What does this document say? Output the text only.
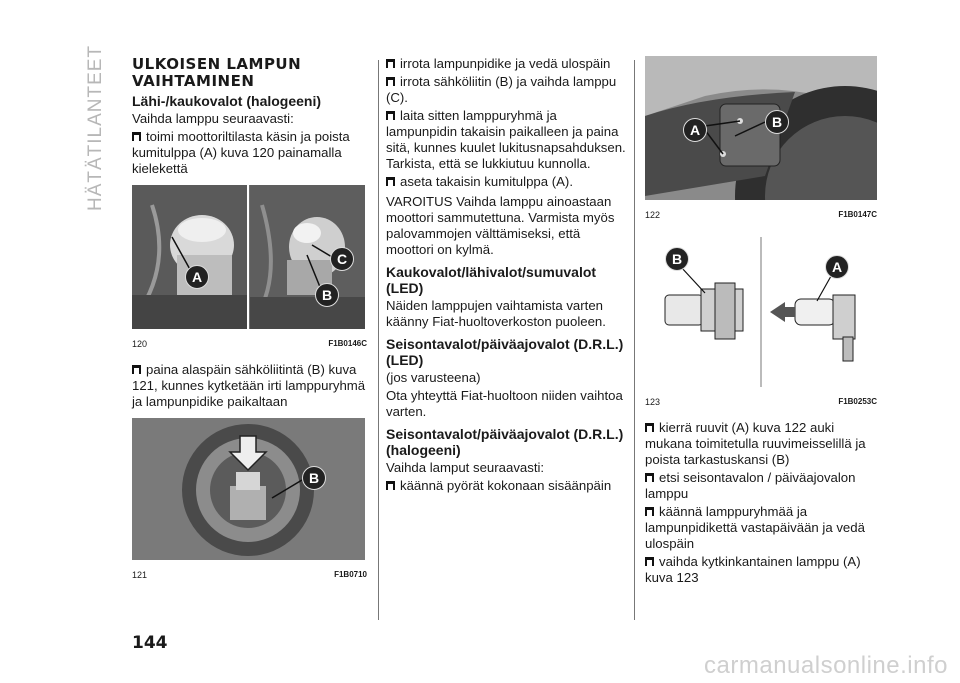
HÄTÄTILANTEET ULKOISEN LAMPUN
VAIHTAMINEN
Lähi-/kaukovalot (halogeeni)

Vaihda lamppu seuraavasti:

toimi moottoriltilasta käsin ja poista kumitulppa (A) kuva 120 painamalla kielekettä
A
C
B
120	F1B0146C
paina alaspäin sähköliitintä (B) kuva 121, kunnes kytketään irti lamppuryhmä ja lampunpidike paikaltaan
B
121	F1B0710
irrota lampunpidike ja vedä ulospäin
irrota sähköliitin (B) ja vaihda lamppu (C).
laita sitten lamppuryhmä ja lampunpidin takaisin paikalleen ja paina sitä, kunnes kuulet lukitusnapsahduksen. Tarkista, että se lukkiutuu kunnolla.
aseta takaisin kumitulppa (A).

VAROITUS Vaihda lamppu ainoastaan moottori sammutettuna. Varmista myös palovammojen välttämiseksi, että moottori on kylmä.

Kaukovalot/lähivalot/sumuvalot (LED)

Näiden lamppujen vaihtamista varten käänny Fiat-huoltoverkoston puoleen.

Seisontavalot/päiväajovalot (D.R.L.) (LED)

(jos varusteena)

Ota yhteyttä Fiat-huoltoon niiden vaihtoa varten.

Seisontavalot/päiväajovalot (D.R.L.) (halogeeni)

Vaihda lamput seuraavasti:

käännä pyörät kokonaan sisäänpäin
A	B
122	F1B0147C
B	A
123	F1B0253C
kierrä ruuvit (A) kuva 122 auki mukana toimitetulla ruuvimeisselillä ja poista tarkastuskansi (B)
etsi seisontavalon / päiväajovalon lamppu
käännä lamppuryhmää ja lampunpidikettä vastapäivään ja vedä ulospäin
vaihda kytkinkantainen lamppu (A) kuva 123
144
carmanualsonline.info
